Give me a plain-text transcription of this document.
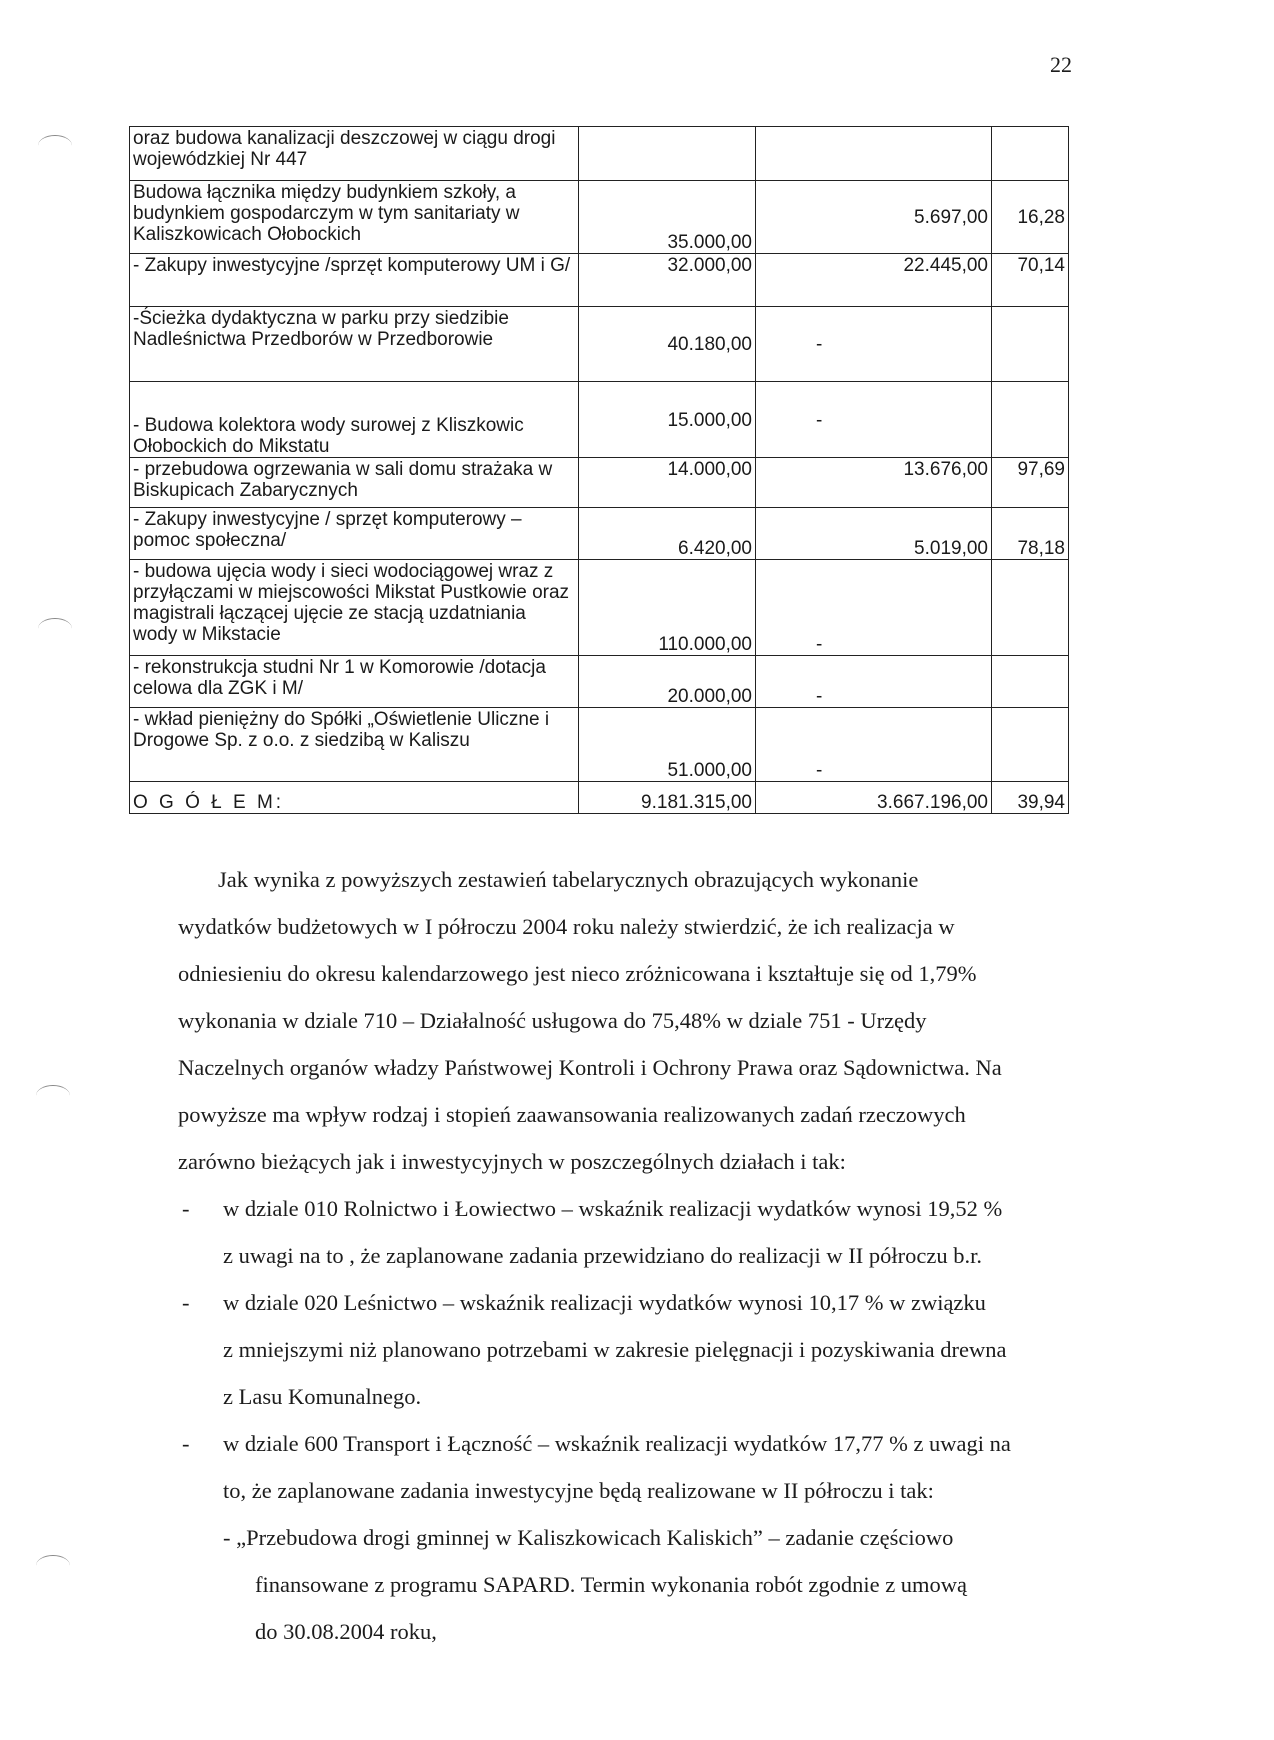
22
oraz budowa kanalizacji deszczowej w ciągu drogi wojewódzkiej Nr 447			
Budowa łącznika między budynkiem szkoły, a budynkiem gospodarczym w tym sanitariaty w Kaliszkowicach Ołobockich	35.000,00	5.697,00	16,28
- Zakupy inwestycyjne /sprzęt komputerowy UM i G/	32.000,00	22.445,00	70,14
-Ścieżka dydaktyczna w parku przy siedzibie Nadleśnictwa Przedborów w Przedborowie	40.180,00	-	
- Budowa kolektora wody surowej z Kliszkowic Ołobockich do Mikstatu	15.000,00	-	
- przebudowa ogrzewania w sali domu strażaka w Biskupicach Zabarycznych	14.000,00	13.676,00	97,69
- Zakupy inwestycyjne / sprzęt komputerowy – pomoc społeczna/	6.420,00	5.019,00	78,18
- budowa ujęcia wody i sieci wodociągowej wraz z przyłączami w miejscowości Mikstat Pustkowie oraz magistrali łączącej ujęcie ze stacją uzdatniania wody w Mikstacie	110.000,00	-	
- rekonstrukcja studni Nr 1 w Komorowie /dotacja celowa dla ZGK i M/	20.000,00	-	
- wkład pieniężny do Spółki „Oświetlenie Uliczne i Drogowe Sp. z o.o. z siedzibą w Kaliszu	51.000,00	-	
O G Ó Ł E M:	9.181.315,00	3.667.196,00	39,94
Jak wynika z powyższych zestawień tabelarycznych obrazujących wykonanie
wydatków budżetowych w I półroczu 2004 roku należy stwierdzić, że ich realizacja w
odniesieniu do okresu kalendarzowego jest nieco zróżnicowana i kształtuje się od 1,79%
wykonania w dziale 710 – Działalność usługowa do 75,48% w dziale 751 - Urzędy
Naczelnych organów władzy Państwowej Kontroli i Ochrony Prawa oraz Sądownictwa. Na
powyższe ma wpływ rodzaj i stopień zaawansowania realizowanych zadań rzeczowych
zarówno bieżących jak i inwestycyjnych w poszczególnych działach i tak:
- w dziale 010 Rolnictwo i Łowiectwo – wskaźnik realizacji wydatków wynosi 19,52 %
z uwagi na to , że zaplanowane zadania przewidziano do realizacji w II półroczu b.r.
- w dziale 020 Leśnictwo – wskaźnik realizacji wydatków wynosi 10,17 % w związku
z mniejszymi niż planowano potrzebami w zakresie pielęgnacji i pozyskiwania drewna
z Lasu Komunalnego.
- w dziale 600 Transport i Łączność – wskaźnik realizacji wydatków 17,77 % z uwagi na
to, że zaplanowane zadania inwestycyjne będą realizowane w II półroczu i tak:
- „Przebudowa drogi gminnej w Kaliszkowicach Kaliskich” – zadanie częściowo
finansowane z programu SAPARD. Termin wykonania robót zgodnie z umową
do 30.08.2004 roku,
